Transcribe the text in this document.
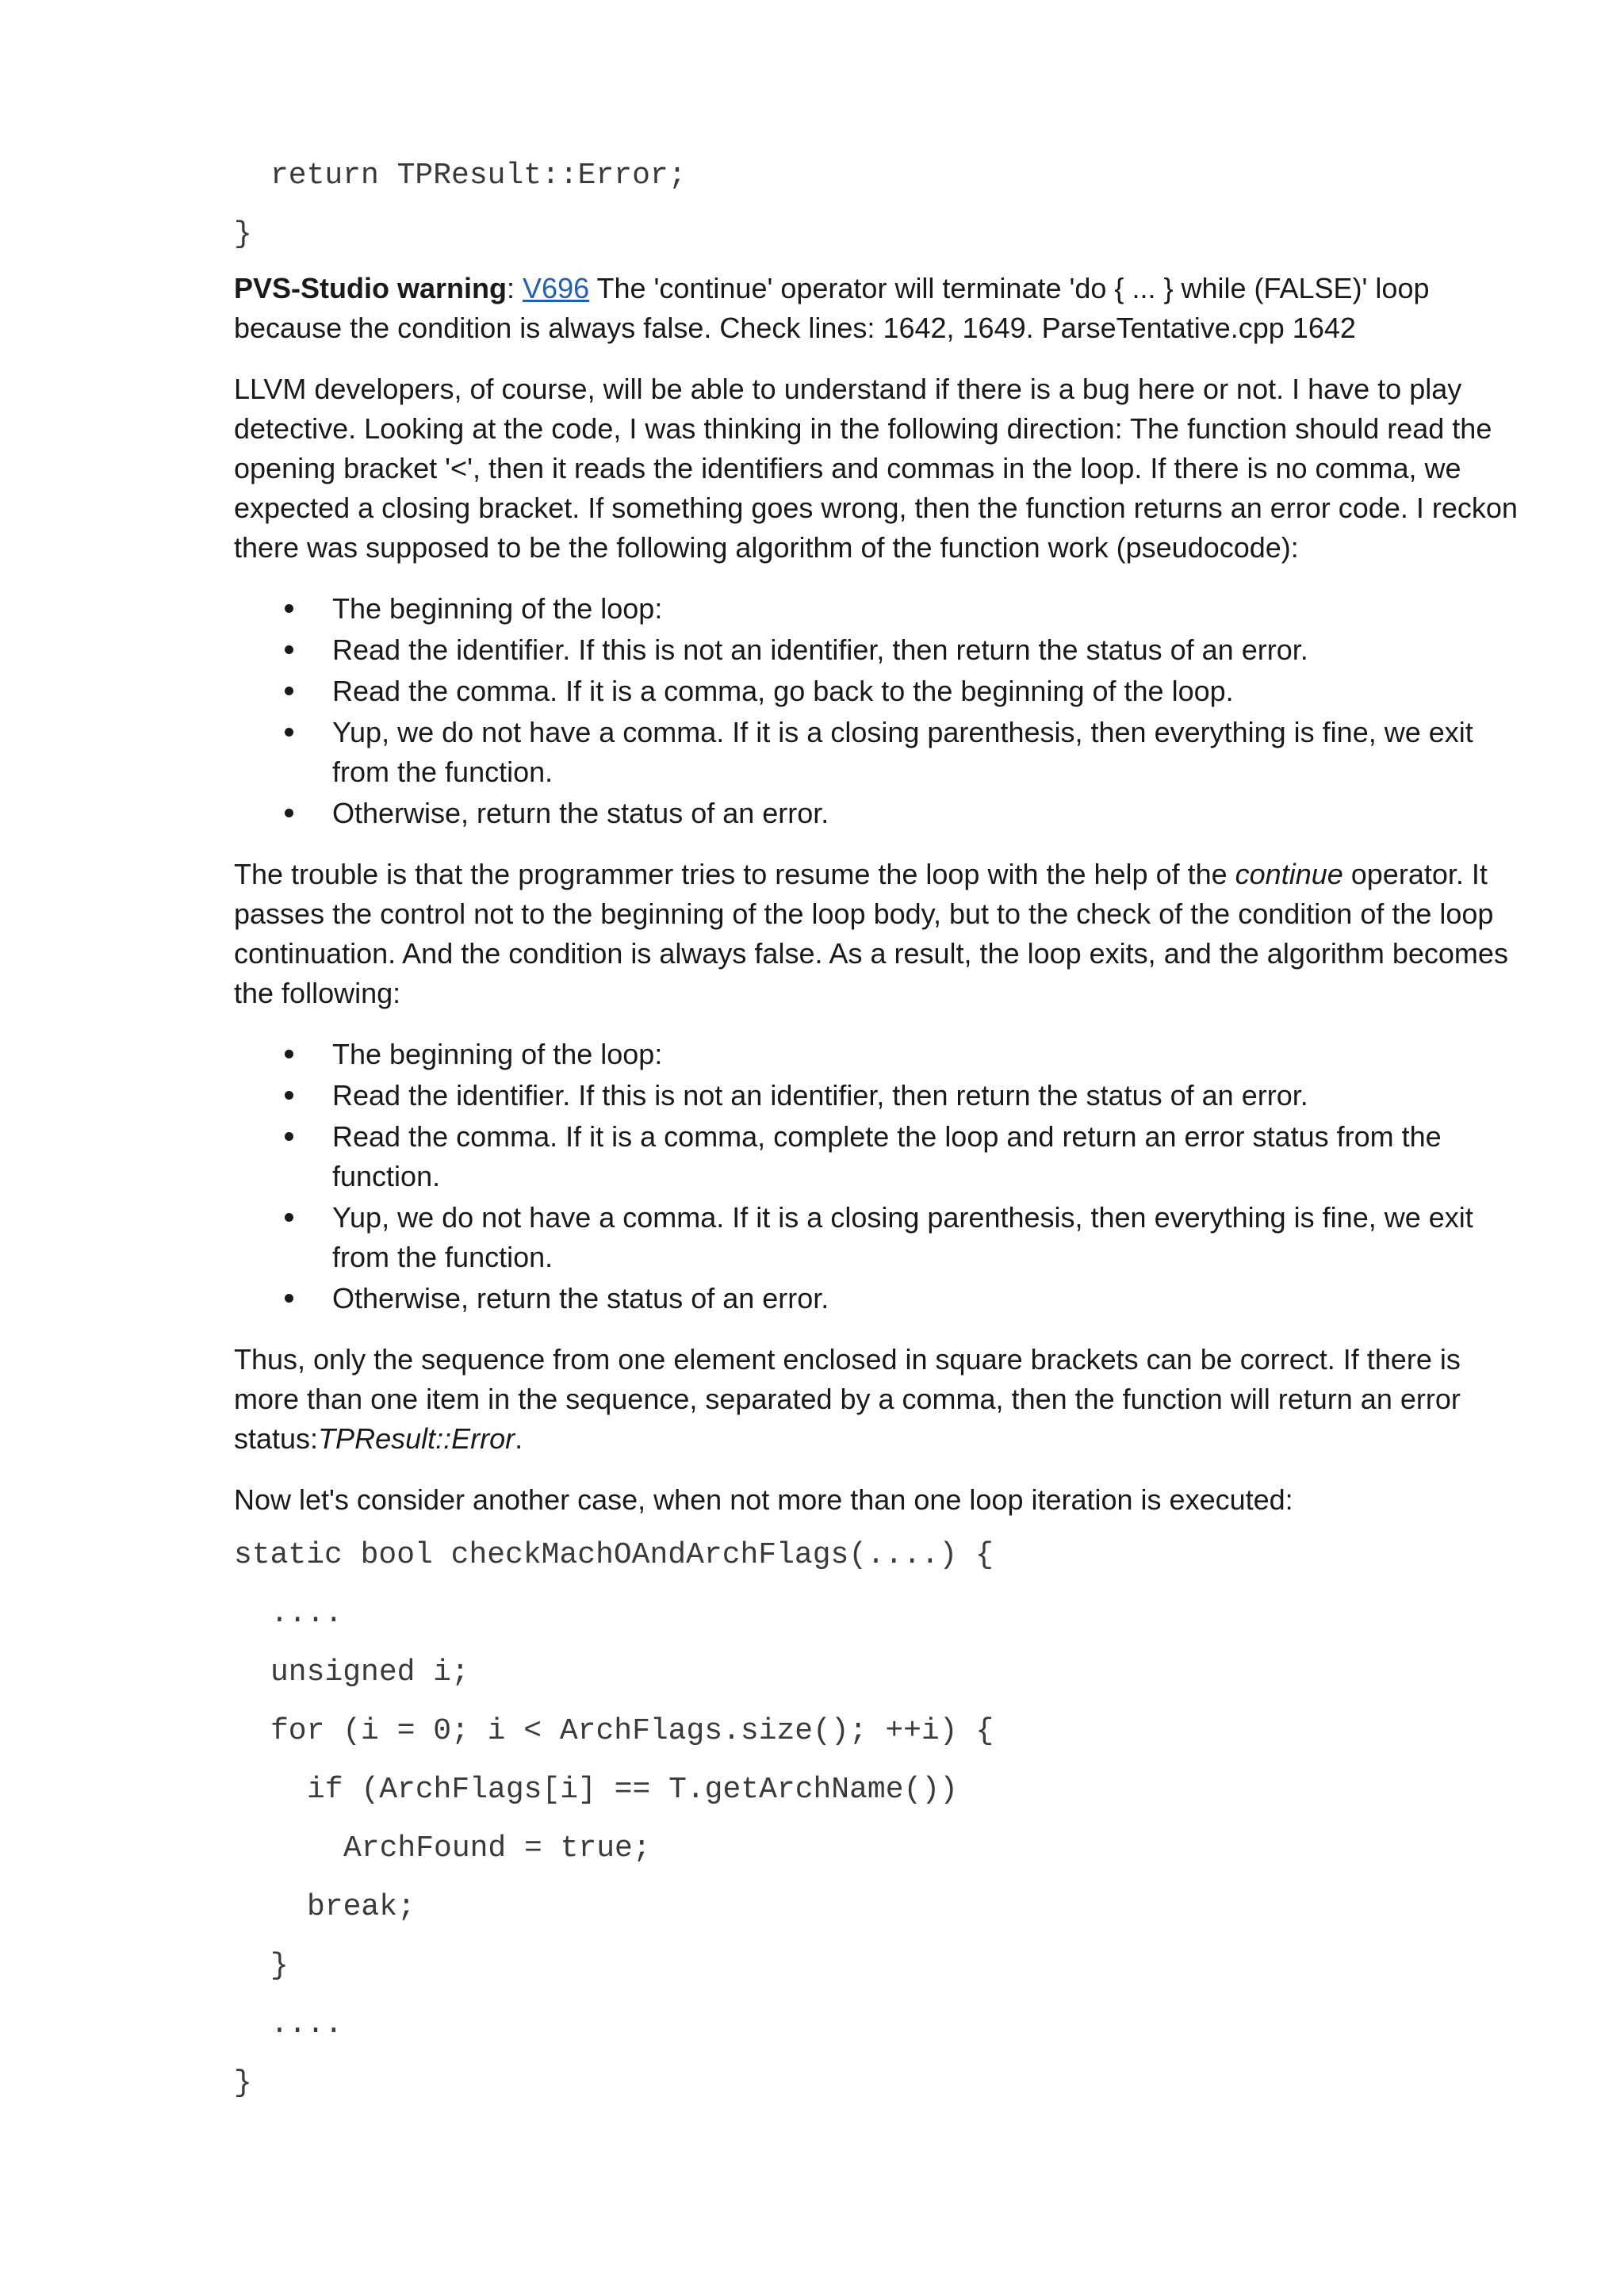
return TPResult::Error;
}

PVS-Studio warning: V696 The 'continue' operator will terminate 'do { ... } while (FALSE)' loop because the condition is always false. Check lines: 1642, 1649. ParseTentative.cpp 1642

LLVM developers, of course, will be able to understand if there is a bug here or not. I have to play detective. Looking at the code, I was thinking in the following direction: The function should read the opening bracket '<', then it reads the identifiers and commas in the loop. If there is no comma, we expected a closing bracket. If something goes wrong, then the function returns an error code. I reckon there was supposed to be the following algorithm of the function work (pseudocode):

The beginning of the loop:
Read the identifier. If this is not an identifier, then return the status of an error.
Read the comma. If it is a comma, go back to the beginning of the loop.
Yup, we do not have a comma. If it is a closing parenthesis, then everything is fine, we exit from the function.
Otherwise, return the status of an error.

The trouble is that the programmer tries to resume the loop with the help of the continue operator. It passes the control not to the beginning of the loop body, but to the check of the condition of the loop continuation. And the condition is always false. As a result, the loop exits, and the algorithm becomes the following:

The beginning of the loop:
Read the identifier. If this is not an identifier, then return the status of an error.
Read the comma. If it is a comma, complete the loop and return an error status from the function.
Yup, we do not have a comma. If it is a closing parenthesis, then everything is fine, we exit from the function.
Otherwise, return the status of an error.

Thus, only the sequence from one element enclosed in square brackets can be correct. If there is more than one item in the sequence, separated by a comma, then the function will return an error status:TPResult::Error.

Now let's consider another case, when not more than one loop iteration is executed:

static bool checkMachOAndArchFlags(....) {
....
unsigned i;
for (i = 0; i < ArchFlags.size(); ++i) {
if (ArchFlags[i] == T.getArchName())
ArchFound = true;
break;
}
....
}
